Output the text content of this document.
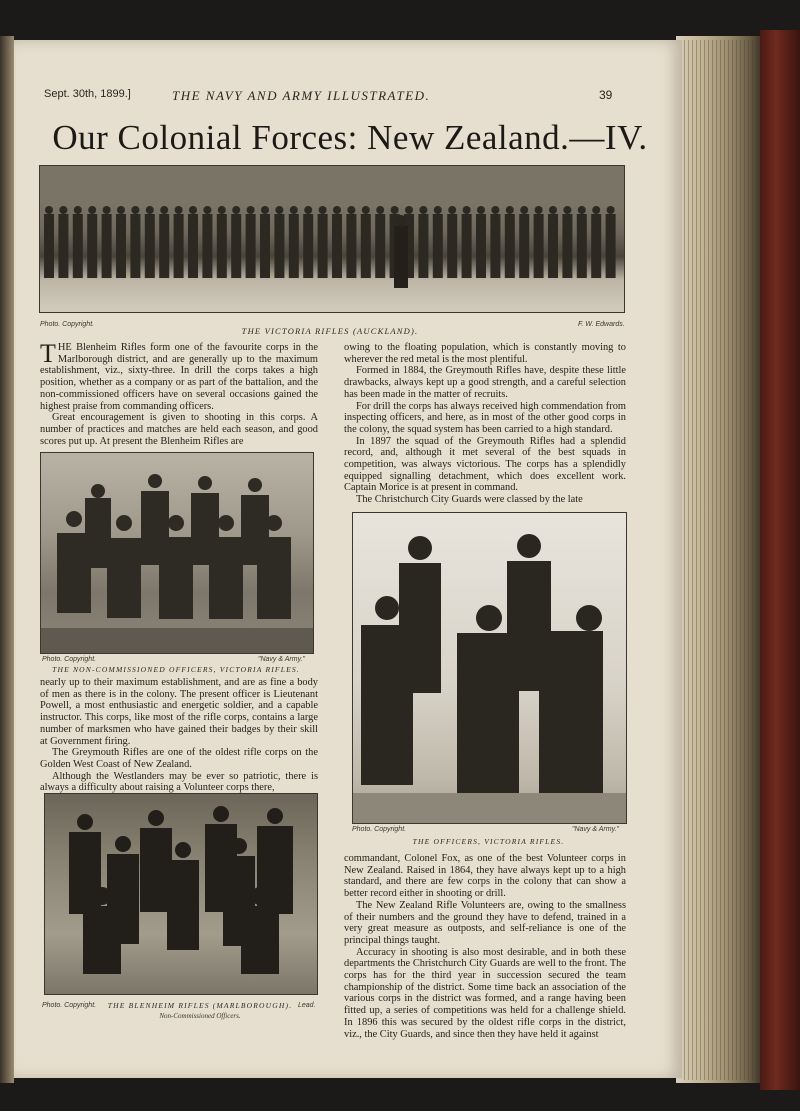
Sept. 30th, 1899.]	THE NAVY AND ARMY ILLUSTRATED.	39
Our Colonial Forces: New Zealand.—IV.
Photo. Copyright.	F. W. Edwards.
THE VICTORIA RIFLES (AUCKLAND).

THE Blenheim Rifles form one of the favourite corps in the Marlborough district, and are generally up to the maximum establishment, viz., sixty-three. In drill the corps takes a high position, whether as a company or as part of the battalion, and the non-commissioned officers have on several occasions gained the highest praise from commanding officers.

Great encouragement is given to shooting in this corps. A number of practices and matches are held each season, and good scores put up. At present the Blenheim Rifles are

Photo. Copyright.	"Navy & Army."
THE NON-COMMISSIONED OFFICERS, VICTORIA RIFLES.

nearly up to their maximum establishment, and are as fine a body of men as there is in the colony. The present officer is Lieutenant Powell, a most enthusiastic and energetic soldier, and a capable instructor. This corps, like most of the rifle corps, contains a large number of marksmen who have gained their badges by their skill at Government firing.

The Greymouth Rifles are one of the oldest rifle corps on the Golden West Coast of New Zealand.

Although the Westlanders may be ever so patriotic, there is always a difficulty about raising a Volunteer corps there,

Photo. Copyright.	THE BLENHEIM RIFLES (MARLBOROUGH). Lead.
Non-Commissioned Officers.

owing to the floating population, which is constantly moving to wherever the red metal is the most plentiful.

Formed in 1884, the Greymouth Rifles have, despite these little drawbacks, always kept up a good strength, and a careful selection has been made in the matter of recruits.

For drill the corps has always received high commendation from inspecting officers, and here, as in most of the other good corps in the colony, the squad system has been carried to a high standard.

In 1897 the squad of the Greymouth Rifles had a splendid record, and, although it met several of the best squads in competition, was always victorious. The corps has a splendidly equipped signalling detachment, which does excellent work. Captain Morice is at present in command.

The Christchurch City Guards were classed by the late

Photo. Copyright.	"Navy & Army."
THE OFFICERS, VICTORIA RIFLES.

commandant, Colonel Fox, as one of the best Volunteer corps in New Zealand. Raised in 1864, they have always kept up to a high standard, and there are few corps in the colony that can show a better record either in shooting or drill.

The New Zealand Rifle Volunteers are, owing to the smallness of their numbers and the ground they have to defend, trained in a very great measure as outposts, and self-reliance is one of the principal things taught.

Accuracy in shooting is also most desirable, and in both these departments the Christchurch City Guards are well to the front. The corps has for the third year in succession secured the team championship of the district. Some time back an association of the various corps in the district was formed, and a range having been fitted up, a series of competitions was held for a challenge shield. In 1896 this was secured by the oldest rifle corps in the district, viz., the City Guards, and since then they have held it against
